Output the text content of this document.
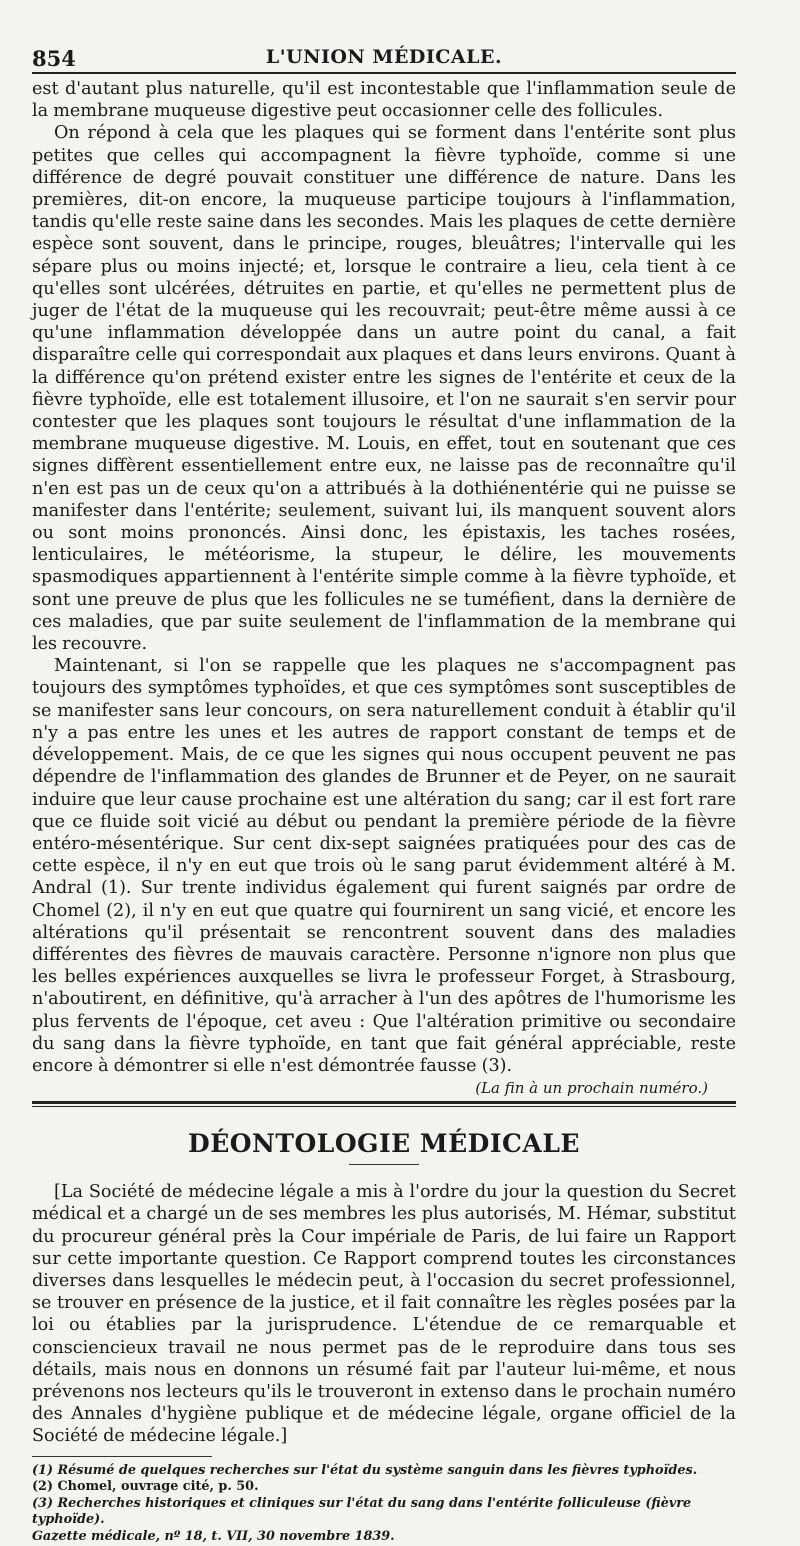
854	L'UNION MÉDICALE.

est d'autant plus naturelle, qu'il est incontestable que l'inflammation seule de la membrane muqueuse digestive peut occasionner celle des follicules.

On répond à cela que les plaques qui se forment dans l'entérite sont plus petites que celles qui accompagnent la fièvre typhoïde, comme si une différence de degré pouvait constituer une différence de nature. Dans les premières, dit-on encore, la muqueuse participe toujours à l'inflammation, tandis qu'elle reste saine dans les secondes. Mais les plaques de cette dernière espèce sont souvent, dans le principe, rouges, bleuâtres; l'intervalle qui les sépare plus ou moins injecté; et, lorsque le contraire a lieu, cela tient à ce qu'elles sont ulcérées, détruites en partie, et qu'elles ne permettent plus de juger de l'état de la muqueuse qui les recouvrait; peut-être même aussi à ce qu'une inflammation développée dans un autre point du canal, a fait disparaître celle qui correspondait aux plaques et dans leurs environs. Quant à la différence qu'on prétend exister entre les signes de l'entérite et ceux de la fièvre typhoïde, elle est totalement illusoire, et l'on ne saurait s'en servir pour contester que les plaques sont toujours le résultat d'une inflammation de la membrane muqueuse digestive. M. Louis, en effet, tout en soutenant que ces signes diffèrent essentiellement entre eux, ne laisse pas de reconnaître qu'il n'en est pas un de ceux qu'on a attribués à la dothiénentérie qui ne puisse se manifester dans l'entérite; seulement, suivant lui, ils manquent souvent alors ou sont moins prononcés. Ainsi donc, les épistaxis, les taches rosées, lenticulaires, le météorisme, la stupeur, le délire, les mouvements spasmodiques appartiennent à l'entérite simple comme à la fièvre typhoïde, et sont une preuve de plus que les follicules ne se tuméfient, dans la dernière de ces maladies, que par suite seulement de l'inflammation de la membrane qui les recouvre.

Maintenant, si l'on se rappelle que les plaques ne s'accompagnent pas toujours des symptômes typhoïdes, et que ces symptômes sont susceptibles de se manifester sans leur concours, on sera naturellement conduit à établir qu'il n'y a pas entre les unes et les autres de rapport constant de temps et de développement. Mais, de ce que les signes qui nous occupent peuvent ne pas dépendre de l'inflammation des glandes de Brunner et de Peyer, on ne saurait induire que leur cause prochaine est une altération du sang; car il est fort rare que ce fluide soit vicié au début ou pendant la première période de la fièvre entéro-mésentérique. Sur cent dix-sept saignées pratiquées pour des cas de cette espèce, il n'y en eut que trois où le sang parut évidemment altéré à M. Andral (1). Sur trente individus également qui furent saignés par ordre de Chomel (2), il n'y en eut que quatre qui fournirent un sang vicié, et encore les altérations qu'il présentait se rencontrent souvent dans des maladies différentes des fièvres de mauvais caractère. Personne n'ignore non plus que les belles expériences auxquelles se livra le professeur Forget, à Strasbourg, n'aboutirent, en définitive, qu'à arracher à l'un des apôtres de l'humorisme les plus fervents de l'époque, cet aveu : Que l'altération primitive ou secondaire du sang dans la fièvre typhoïde, en tant que fait général appréciable, reste encore à démontrer si elle n'est démontrée fausse (3).

(La fin à un prochain numéro.)
DÉONTOLOGIE MÉDICALE

[La Société de médecine légale a mis à l'ordre du jour la question du Secret médical et a chargé un de ses membres les plus autorisés, M. Hémar, substitut du procureur général près la Cour impériale de Paris, de lui faire un Rapport sur cette importante question. Ce Rapport comprend toutes les circonstances diverses dans lesquelles le médecin peut, à l'occasion du secret professionnel, se trouver en présence de la justice, et il fait connaître les règles posées par la loi ou établies par la jurisprudence. L'étendue de ce remarquable et consciencieux travail ne nous permet pas de le reproduire dans tous ses détails, mais nous en donnons un résumé fait par l'auteur lui-même, et nous prévenons nos lecteurs qu'ils le trouveront in extenso dans le prochain numéro des Annales d'hygiène publique et de médecine légale, organe officiel de la Société de médecine légale.]

(1) Résumé de quelques recherches sur l'état du système sanguin dans les fièvres typhoïdes.
(2) Chomel, ouvrage cité, p. 50.
(3) Recherches historiques et cliniques sur l'état du sang dans l'entérite folliculeuse (fièvre typhoïde).
Gazette médicale, nº 18, t. VII, 30 novembre 1839.
